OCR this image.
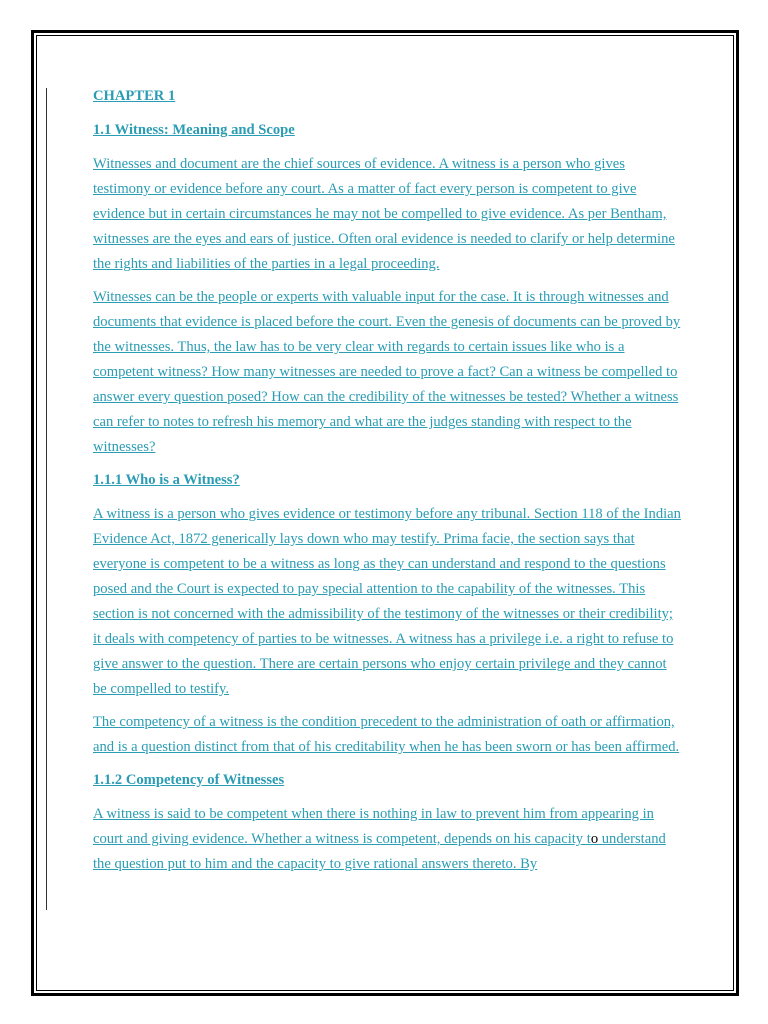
CHAPTER 1
1.1 Witness: Meaning and Scope
Witnesses and document are the chief sources of evidence. A witness is a person who gives testimony or evidence before any court. As a matter of fact every person is competent to give evidence but in certain circumstances he may not be compelled to give evidence. As per Bentham, witnesses are the eyes and ears of justice. Often oral evidence is needed to clarify or help determine the rights and liabilities of the parties in a legal proceeding.
Witnesses can be the people or experts with valuable input for the case. It is through witnesses and documents that evidence is placed before the court. Even the genesis of documents can be proved by the witnesses. Thus, the law has to be very clear with regards to certain issues like who is a competent witness? How many witnesses are needed to prove a fact? Can a witness be compelled to answer every question posed? How can the credibility of the witnesses be tested? Whether a witness can refer to notes to refresh his memory and what are the judges standing with respect to the witnesses?
1.1.1 Who is a Witness?
A witness is a person who gives evidence or testimony before any tribunal. Section 118 of the Indian Evidence Act, 1872 generically lays down who may testify. Prima facie, the section says that everyone is competent to be a witness as long as they can understand and respond to the questions posed and the Court is expected to pay special attention to the capability of the witnesses. This section is not concerned with the admissibility of the testimony of the witnesses or their credibility; it deals with competency of parties to be witnesses. A witness has a privilege i.e. a right to refuse to give answer to the question. There are certain persons who enjoy certain privilege and they cannot be compelled to testify.
The competency of a witness is the condition precedent to the administration of oath or affirmation, and is a question distinct from that of his creditability when he has been sworn or has been affirmed.
1.1.2 Competency of Witnesses
A witness is said to be competent when there is nothing in law to prevent him from appearing in court and giving evidence. Whether a witness is competent, depends on his capacity to understand the question put to him and the capacity to give rational answers thereto. By
